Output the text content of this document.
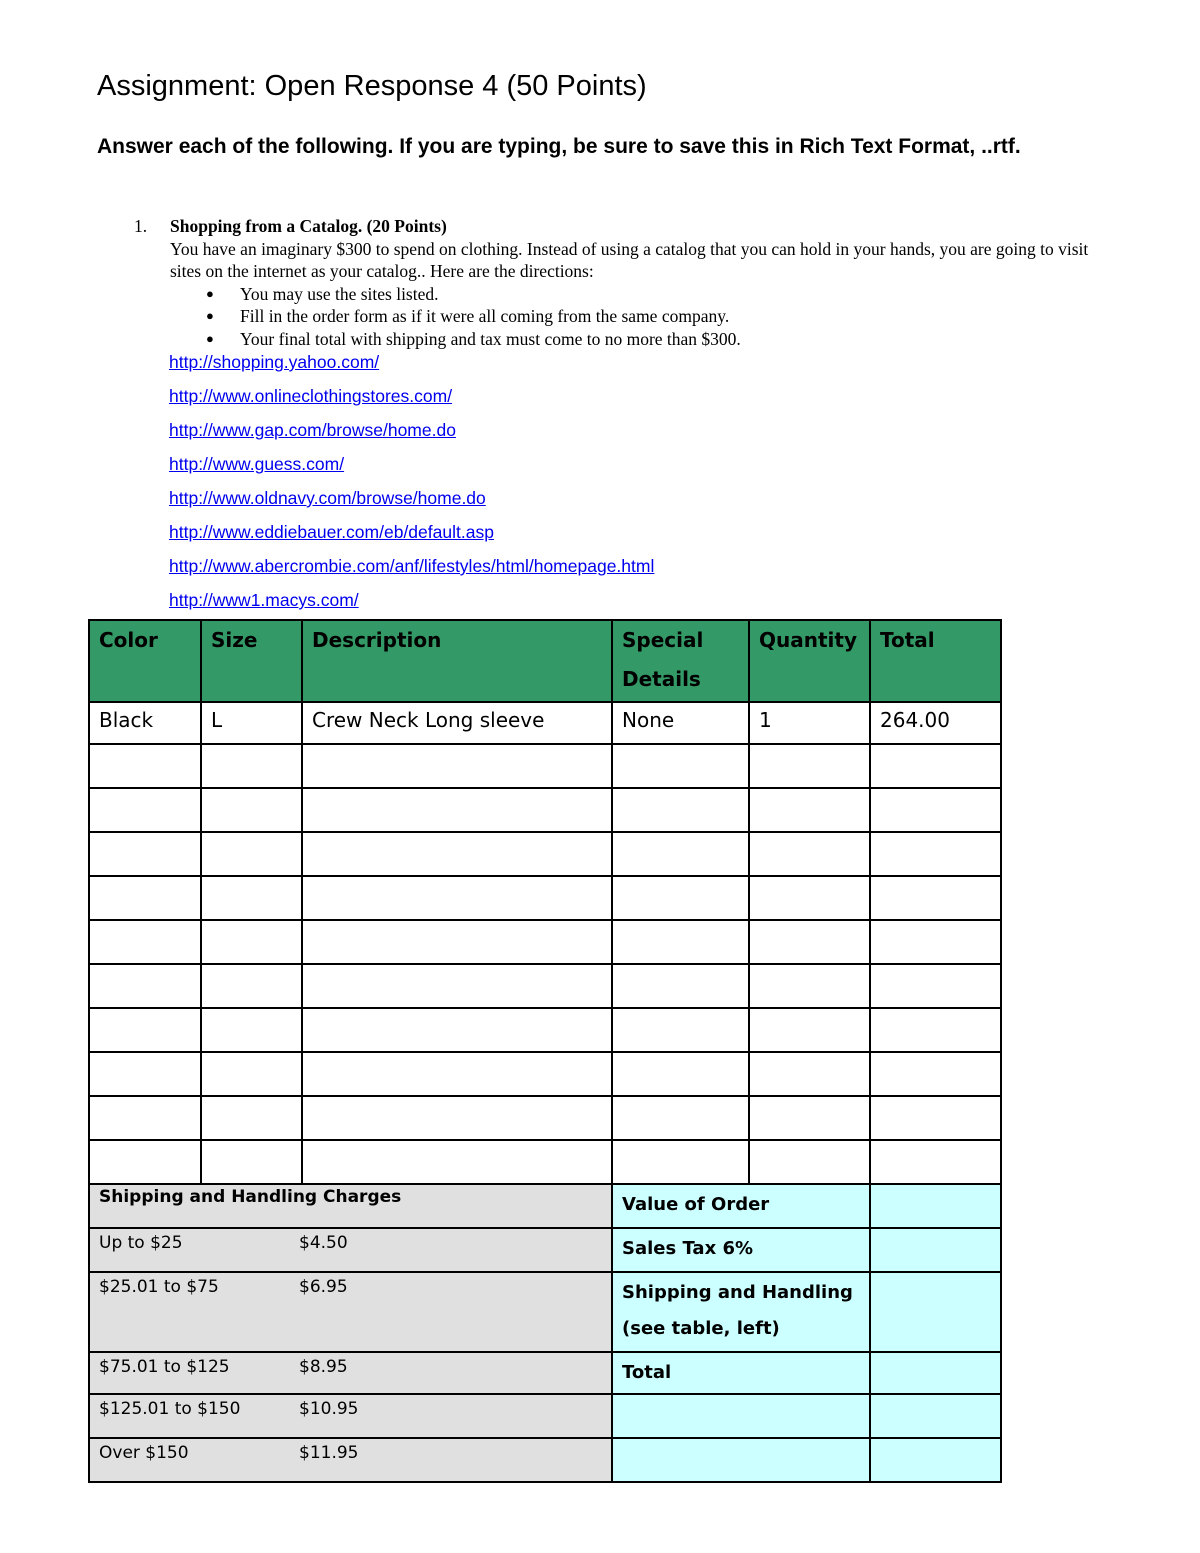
Assignment: Open Response 4 (50 Points)

Answer each of the following. If you are typing, be sure to save this in Rich Text Format, ..rtf.

1. Shopping from a Catalog. (20 Points)
You have an imaginary $300 to spend on clothing. Instead of using a catalog that you can hold in your hands, you are going to visit sites on the internet as your catalog.. Here are the directions:
● You may use the sites listed.
● Fill in the order form as if it were all coming from the same company.
● Your final total with shipping and tax must come to no more than $300.
http://shopping.yahoo.com/
http://www.onlineclothingstores.com/
http://www.gap.com/browse/home.do
http://www.guess.com/
http://www.oldnavy.com/browse/home.do
http://www.eddiebauer.com/eb/default.asp
http://www.abercrombie.com/anf/lifestyles/html/homepage.html
http://www1.macys.com/
Color	Size	Description	Special Details	Quantity	Total
Black	L	Crew Neck Long sleeve	None	1	264.00

Shipping and Handling Charges			Value of Order		

Up to $25 $4.50			Sales Tax 6%		

$25.01 to $75 $6.95			Shipping and Handling (see table, left)		

$75.01 to $125 $8.95			Total		

$125.01 to $150 $10.95					

Over $150 $11.95					
